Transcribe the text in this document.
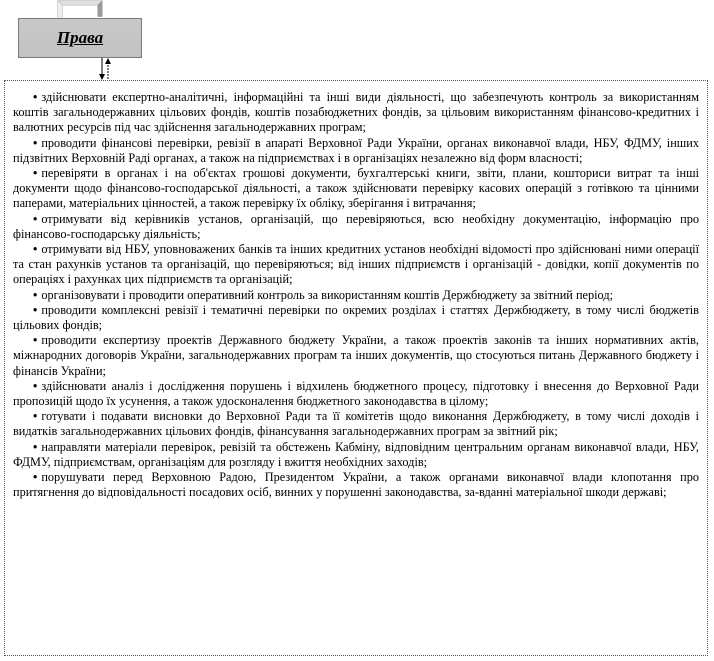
Права
• здійснювати експертно-аналітичні, інформаційні та інші види діяльності, що забезпечують контроль за використанням коштів загальнодержавних цільових фондів, коштів позабюджетних фондів, за цільовим використанням фінансово-кредитних і валютних ресурсів під час здійснення загальнодержавних програм;
• проводити фінансові перевірки, ревізії в апараті Верховної Ради України, органах виконавчої влади, НБУ, ФДМУ, інших підзвітних Верховній Раді органах, а також на підприємствах і в організаціях незалежно від форм власності;
• перевіряти в органах і на об'єктах грошові документи, бухгалтерські книги, звіти, плани, кошториси витрат та інші документи щодо фінансово-господарської діяльності, а також здійснювати перевірку касових операцій з готівкою та цінними паперами, матеріальних цінностей, а також перевірку їх обліку, зберігання і витрачання;
• отримувати від керівників установ, організацій, що перевіряються, всю необхідну документацію, інформацію про фінансово-господарську діяльність;
• отримувати від НБУ, уповноважених банків та інших кредитних установ необхідні відомості про здійснювані ними операції та стан рахунків установ та організацій, що перевіряються; від інших підприємств і організацій - довідки, копії документів по операціях і рахунках цих підприємств та організацій;
• організовувати і проводити оперативний контроль за використанням коштів Держбюджету за звітний період;
• проводити комплексні ревізії і тематичні перевірки по окремих розділах і статтях Держбюджету, в тому числі бюджетів цільових фондів;
• проводити експертизу проектів Державного бюджету України, а також проектів законів та інших нормативних актів, міжнародних договорів України, загальнодержавних програм та інших документів, що стосуються питань Державного бюджету і фінансів України;
• здійснювати аналіз і дослідження порушень і відхилень бюджетного процесу, підготовку і внесення до Верховної Ради пропозицій щодо їх усунення, а також удосконалення бюджетного законодавства в цілому;
• готувати і подавати висновки до Верховної Ради та її комітетів щодо виконання Держбюджету, в тому числі доходів і видатків загальнодержавних цільових фондів, фінансування загальнодержавних програм за звітний рік;
• направляти матеріали перевірок, ревізій та обстежень Кабміну, відповідним центральним органам виконавчої влади, НБУ, ФДМУ, підприємствам, організаціям для розгляду і вжиття необхідних заходів;
• порушувати перед Верховною Радою, Президентом України, а також органами виконавчої влади клопотання про притягнення до відповідальності посадових осіб, винних у порушенні законодавства, за-вданні матеріальної шкоди державі;
